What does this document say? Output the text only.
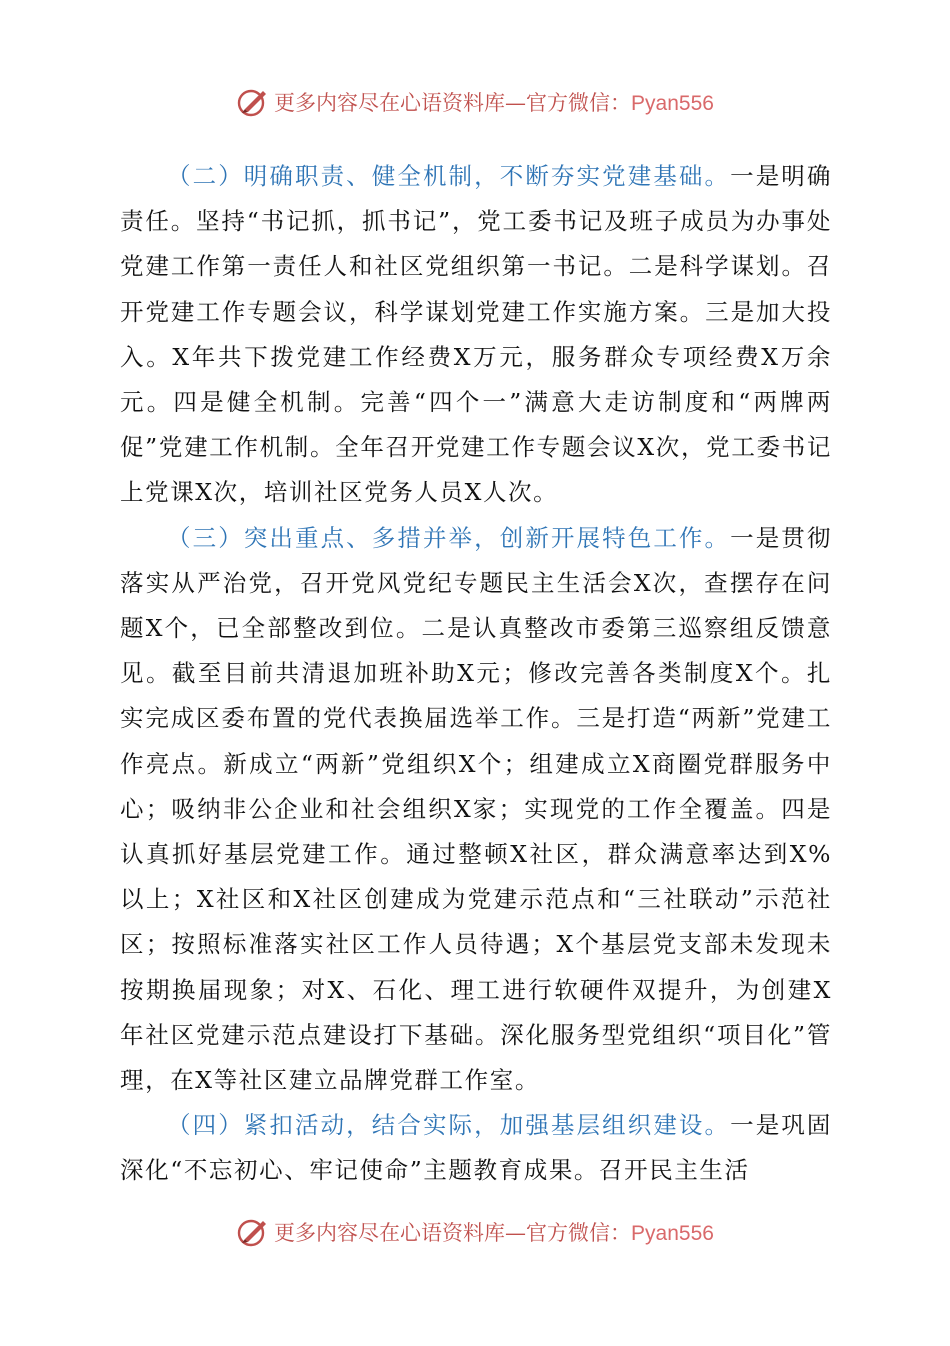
更多内容尽在心语资料库—官方微信：Pyan556

（二）明确职责、健全机制，不断夯实党建基础。一是明确责任。坚持“书记抓，抓书记”，党工委书记及班子成员为办事处党建工作第一责任人和社区党组织第一书记。二是科学谋划。召开党建工作专题会议，科学谋划党建工作实施方案。三是加大投入。X年共下拨党建工作经费X万元，服务群众专项经费X万余元。四是健全机制。完善“四个一”满意大走访制度和“两牌两促”党建工作机制。全年召开党建工作专题会议X次，党工委书记上党课X次，培训社区党务人员X人次。

（三）突出重点、多措并举，创新开展特色工作。一是贯彻落实从严治党，召开党风党纪专题民主生活会X次，查摆存在问题X个，已全部整改到位。二是认真整改市委第三巡察组反馈意见。截至目前共清退加班补助X元；修改完善各类制度X个。扎实完成区委布置的党代表换届选举工作。三是打造“两新”党建工作亮点。新成立“两新”党组织X个；组建成立X商圈党群服务中心；吸纳非公企业和社会组织X家；实现党的工作全覆盖。四是认真抓好基层党建工作。通过整顿X社区，群众满意率达到X%以上；X社区和X社区创建成为党建示范点和“三社联动”示范社区；按照标准落实社区工作人员待遇；X个基层党支部未发现未按期换届现象；对X、石化、理工进行软硬件双提升，为创建X年社区党建示范点建设打下基础。深化服务型党组织“项目化”管理，在X等社区建立品牌党群工作室。

（四）紧扣活动，结合实际，加强基层组织建设。一是巩固深化“不忘初心、牢记使命”主题教育成果。召开民主生活

更多内容尽在心语资料库—官方微信：Pyan556
